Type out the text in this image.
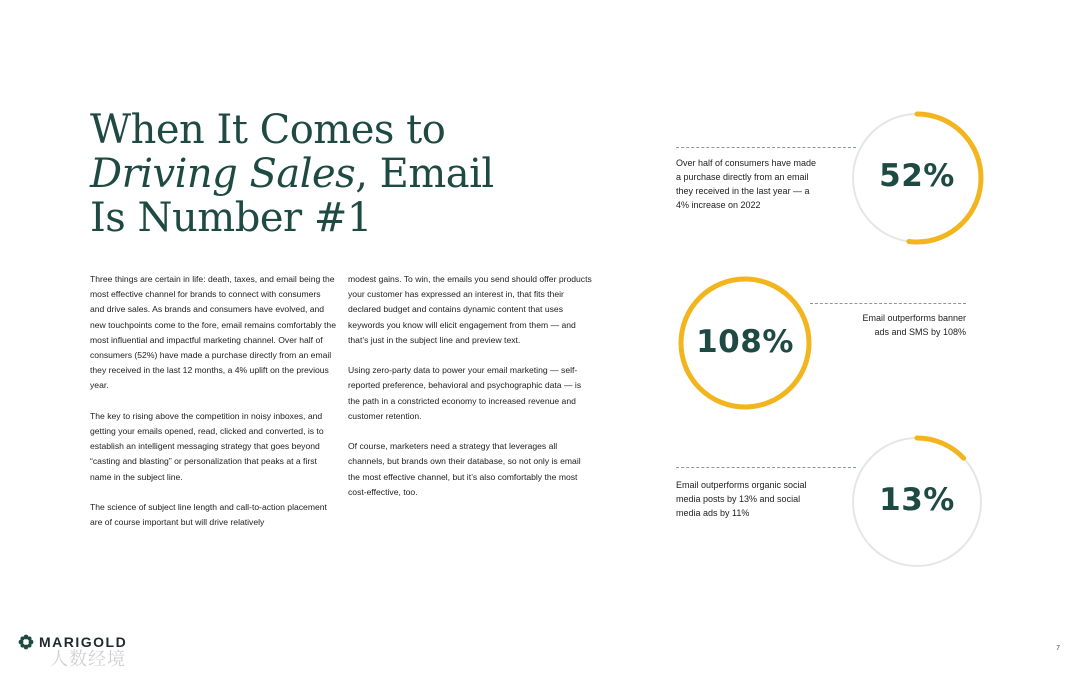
When It Comes to
Driving Sales, Email
Is Number #1

Three things are certain in life: death, taxes, and email being the most effective channel for brands to connect with consumers and drive sales. As brands and consumers have evolved, and new touchpoints come to the fore, email remains comfortably the most influential and impactful marketing channel. Over half of consumers (52%) have made a purchase directly from an email they received in the last 12 months, a 4% uplift on the previous year.

The key to rising above the competition in noisy inboxes, and getting your emails opened, read, clicked and converted, is to establish an intelligent messaging strategy that goes beyond “casting and blasting” or personalization that peaks at a first name in the subject line.

The science of subject line length and call-to-action placement are of course important but will drive relatively

modest gains. To win, the emails you send should offer products your customer has expressed an interest in, that fits their declared budget and contains dynamic content that uses keywords you know will elicit engagement from them — and that’s just in the subject line and preview text.

Using zero-party data to power your email marketing — self-reported preference, behavioral and psychographic data — is the path in a constricted economy to increased revenue and customer retention.

Of course, marketers need a strategy that leverages all channels, but brands own their database, so not only is email the most effective channel, but it’s also comfortably the most cost-effective, too.

Over half of consumers have made
a purchase directly from an email
they received in the last year — a
4% increase on 2022
52%
Email outperforms banner
ads and SMS by 108%
108%
Email outperforms organic social
media posts by 13% and social
media ads by 11%	13%
MARIGOLD
人数经境
7
